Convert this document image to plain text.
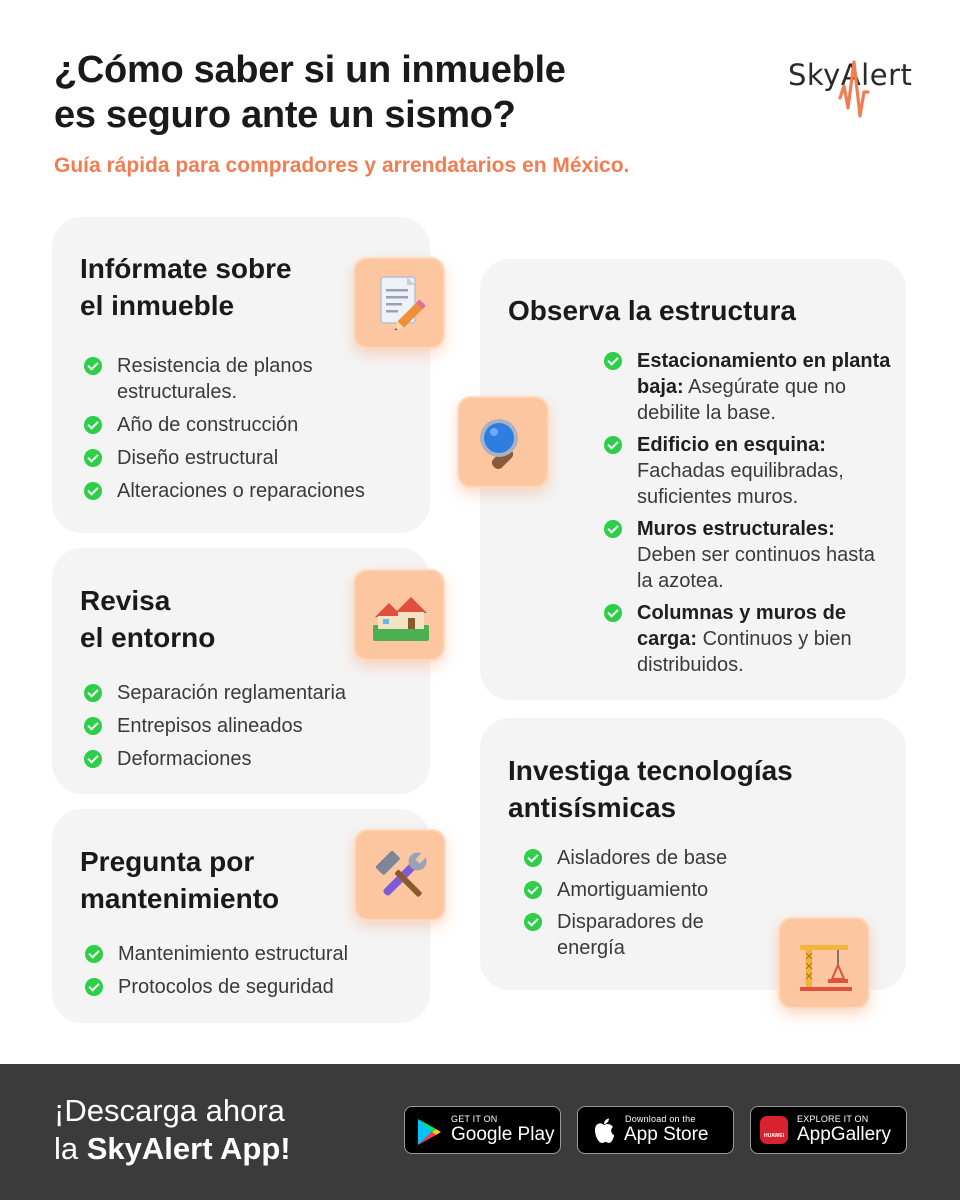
¿Cómo saber si un inmueble
es seguro ante un sismo?
Guía rápida para compradores y arrendatarios en México.
SkyAlert
Infórmate sobre
el inmueble
Resistencia de planos estructurales.
Año de construcción
Diseño estructural
Alteraciones o reparaciones
Revisa
el entorno
Separación reglamentaria
Entrepisos alineados
Deformaciones
Pregunta por
mantenimiento
Mantenimiento estructural
Protocolos de seguridad
Observa la estructura
Estacionamiento en planta baja: Asegúrate que no debilite la base.
Edificio en esquina: Fachadas equilibradas, suficientes muros.
Muros estructurales: Deben ser continuos hasta la azotea.
Columnas y muros de carga: Continuos y bien distribuidos.
Investiga tecnologías
antisísmicas
Aisladores de base
Amortiguamiento
Disparadores de energía
¡Descarga ahora
la SkyAlert App!
GET IT ON
Google Play
Download on the
App Store	HUAWEI
EXPLORE IT ON
AppGallery
